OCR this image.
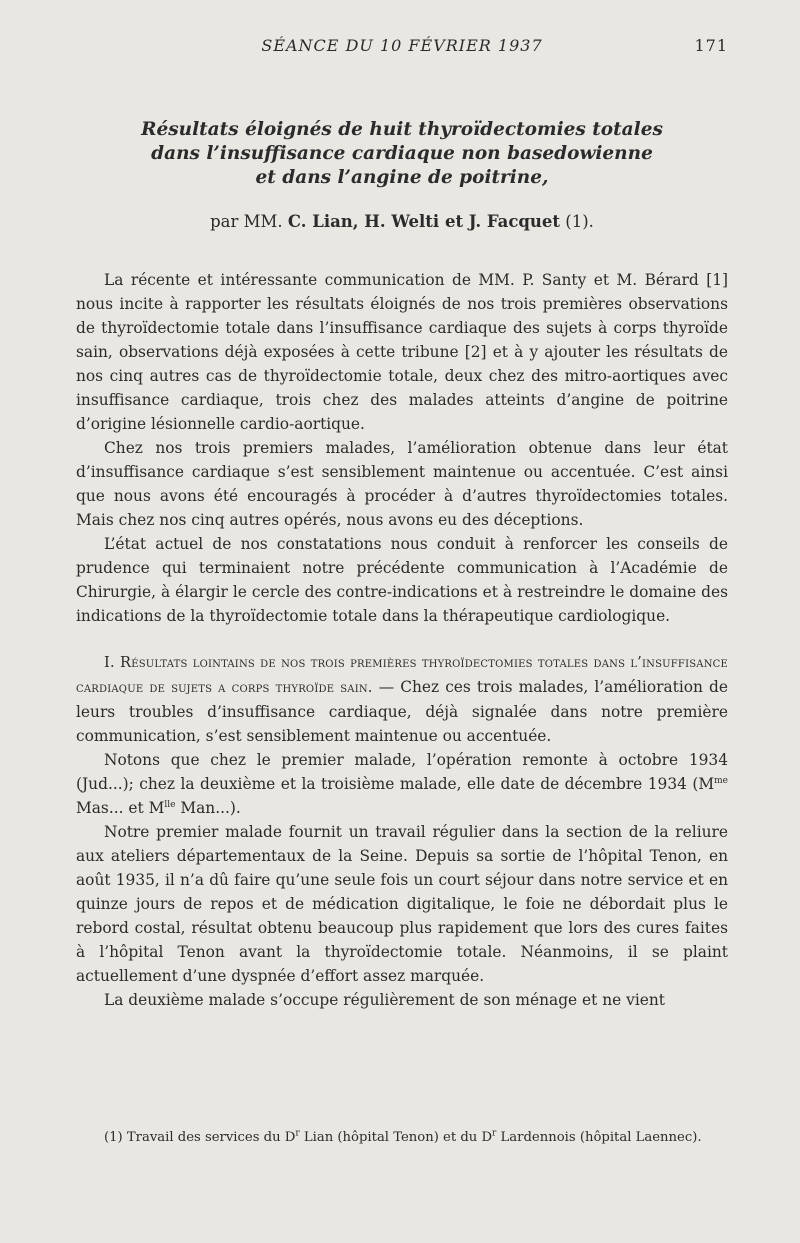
SÉANCE DU 10 FÉVRIER 1937	171
Résultats éloignés de huit thyroïdectomies totales
dans l’insuffisance cardiaque non basedowienne
et dans l’angine de poitrine,
par MM. C. Lian, H. Welti et J. Facquet (1).

La récente et intéressante communication de MM. P. Santy et M. Bérard [1] nous incite à rapporter les résultats éloignés de nos trois premières observations de thyroïdectomie totale dans l’insuffisance cardiaque des sujets à corps thyroïde sain, observations déjà exposées à cette tribune [2] et à y ajouter les résultats de nos cinq autres cas de thyroïdectomie totale, deux chez des mitro-aortiques avec insuffisance cardiaque, trois chez des malades atteints d’angine de poitrine d’origine lésionnelle cardio-aortique.

Chez nos trois premiers malades, l’amélioration obtenue dans leur état d’insuffisance cardiaque s’est sensiblement maintenue ou accentuée. C’est ainsi que nous avons été encouragés à procéder à d’autres thyroïdectomies totales. Mais chez nos cinq autres opérés, nous avons eu des déceptions.

L’état actuel de nos constatations nous conduit à renforcer les conseils de prudence qui terminaient notre précédente communication à l’Académie de Chirurgie, à élargir le cercle des contre-indications et à restreindre le domaine des indications de la thyroïdectomie totale dans la thérapeutique cardiologique.

I. Résultats lointains de nos trois premières thyroïdectomies totales dans l’insuffisance cardiaque de sujets a corps thyroïde sain. — Chez ces trois malades, l’amélioration de leurs troubles d’insuffisance cardiaque, déjà signalée dans notre première communication, s’est sensiblement maintenue ou accentuée.

Notons que chez le premier malade, l’opération remonte à octobre 1934 (Jud...); chez la deuxième et la troisième malade, elle date de décembre 1934 ($M^{me}$ Mas... et $M^{lle}$ Man...).

Notre premier malade fournit un travail régulier dans la section de la reliure aux ateliers départementaux de la Seine. Depuis sa sortie de l’hôpital Tenon, en août 1935, il n’a dû faire qu’une seule fois un court séjour dans notre service et en quinze jours de repos et de médication digitalique, le foie ne débordait plus le rebord costal, résultat obtenu beaucoup plus rapidement que lors des cures faites à l’hôpital Tenon avant la thyroïdectomie totale. Néanmoins, il se plaint actuellement d’une dyspnée d’effort assez marquée.

La deuxième malade s’occupe régulièrement de son ménage et ne vient

(1) Travail des services du $D^r$ Lian (hôpital Tenon) et du $D^r$ Lardennois (hôpital Laennec).
